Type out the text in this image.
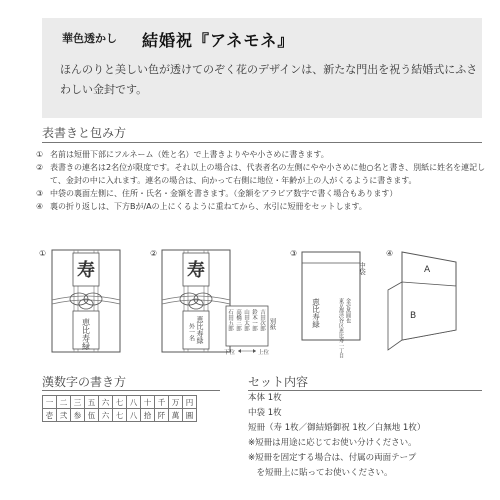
華色透かし 結婚祝『アネモネ』
ほんのりと美しい色が透けてのぞく花のデザインは、新たな門出を祝う結婚式にふさわしい金封です。
表書きと包み方
① 名前は短冊下部にフルネーム（姓と名）で上書きよりやや小さめに書きます。
② 表書きの連名は2名位が限度です。それ以上の場合は、代表者名の左側にやや小さめに他○名と書き、別紙に姓名を連記して、金封の中に入れます。連名の場合は、向かって右側に地位・年齢が上の人がくるように書きます。
③ 中袋の裏面左側に、住所・氏名・金額を書きます。（金額をアラビア数字で書く場合もあります）
④ 裏の折り返しは、下方Bが/Aの上にくるように重ねてから、水引に短冊をセットします。
①
寿
恵比寿緑
②
寿
恵比寿
外一名 緑
吉田次郎
鈴木一郎
山田太郎
高橋三郎
石田五郎	別紙
下位	上位
③
中袋
恵比寿緑	東京都渋谷区恵比寿一丁目 金壱萬圓也
④
A
B
漢数字の書き方
一	二	三	五	六	七	八	十	千	万	円
壱	弐	参	伍	六	七	八	拾	阡	萬	圓
セット内容
本体 1枚
中袋 1枚
短冊（寿 1枚／御結婚御祝 1枚／白無地 1枚）
※短冊は用途に応じてお使い分けください。
※短冊を固定する場合は、付属の両面テープ
　を短冊上に貼ってお使いください。
